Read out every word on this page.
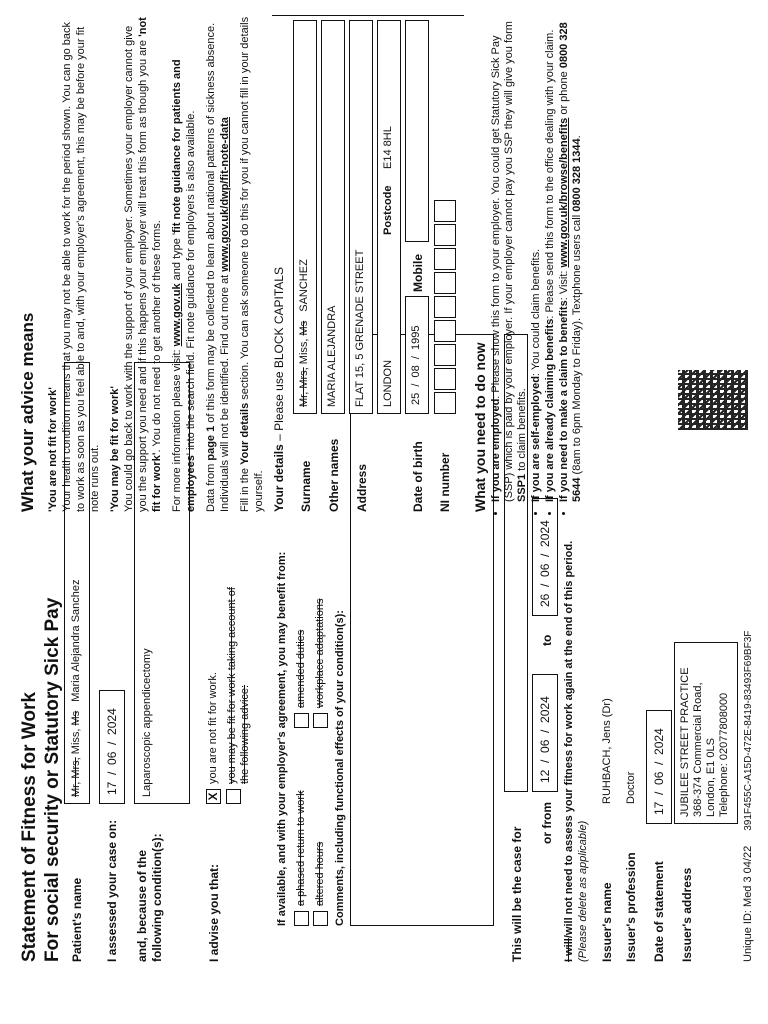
Statement of Fitness for Work For social security or Statutory Sick Pay Patient's name
Mr, Mrs, Miss, Ms Maria Alejandra Sanchez
I assessed your case on:
17  /  06  /  2024
and, because of the following condition(s):
Laparoscopic appendicectomy
I advise you that:
X
you are not fit for work. you may be fit for work taking account of the following advice: If available, and with your employer's agreement, you may benefit from: a phased return to work
amended duties
altered hours
workplace adaptations Comments, including functional effects of your condition(s):	This will be the case for
or from
12  /  06  /  2024
to
26  /  06  /  2024
I will/will not need to assess your fitness for work again at the end of this period. (Please delete as applicable) Issuer's name
RUHBACH, Jens (Dr)
Issuer's profession
Doctor
Date of statement
17  /  06  /  2024
Issuer's address
JUBILEE STREET PRACTICE 368-374 Commercial Road, London, E1 0LS Telephone: 02077808000
Unique ID: Med 3 04/22 391F455C-A15D-472E-8419-83493F69BF3F
What your advice means 'You are not fit for work' Your health condition means that you may not be able to work for the period shown. You can go back to work as soon as you feel able to and, with your employer's agreement, this may be before your fit note runs out. 'You may be fit for work' You could go back to work with the support of your employer. Sometimes your employer cannot give you the support you need and if this happens your employer will treat this form as though you are 'not fit for work'. You do not need to get another of these forms. For more information please visit: www.gov.uk and type 'fit note guidance for patients and employees' into the search field. Fit note guidance for employers is also available.

Data from page 1 of this form may be collected to learn about national patterns of sickness absence. Individuals will not be identified. Find out more at www.gov.uk/dwp/fit-note-data

Fill in the Your details section. You can ask someone to do this for you if you cannot fill in your details yourself. Your details – Please use BLOCK CAPITALS
Surname
Mr, Mrs, Miss, Ms SANCHEZ
Other names
MARIA ALEJANDRA
Address
FLAT 15, 5 GRENADE STREET LONDON
Postcode
E14 8HL
Date of birth
25  /  08  /  1995
Mobile
NI number What you need to do now • If you are employed: Please show this form to your employer. You could get Statutory Sick Pay (SSP) which is paid by your employer. If your employer cannot pay you SSP they will give you form SSP1 to claim benefits. • If you are self-employed: You could claim benefits.
• If you are already claiming benefits: Please send this form to the office dealing with your claim.
• If you need to make a claim to benefits: Visit: www.gov.uk/browse/benefits or phone 0800 328 5644 (8am to 6pm Monday to Friday). Textphone users call 0800 328 1344.
